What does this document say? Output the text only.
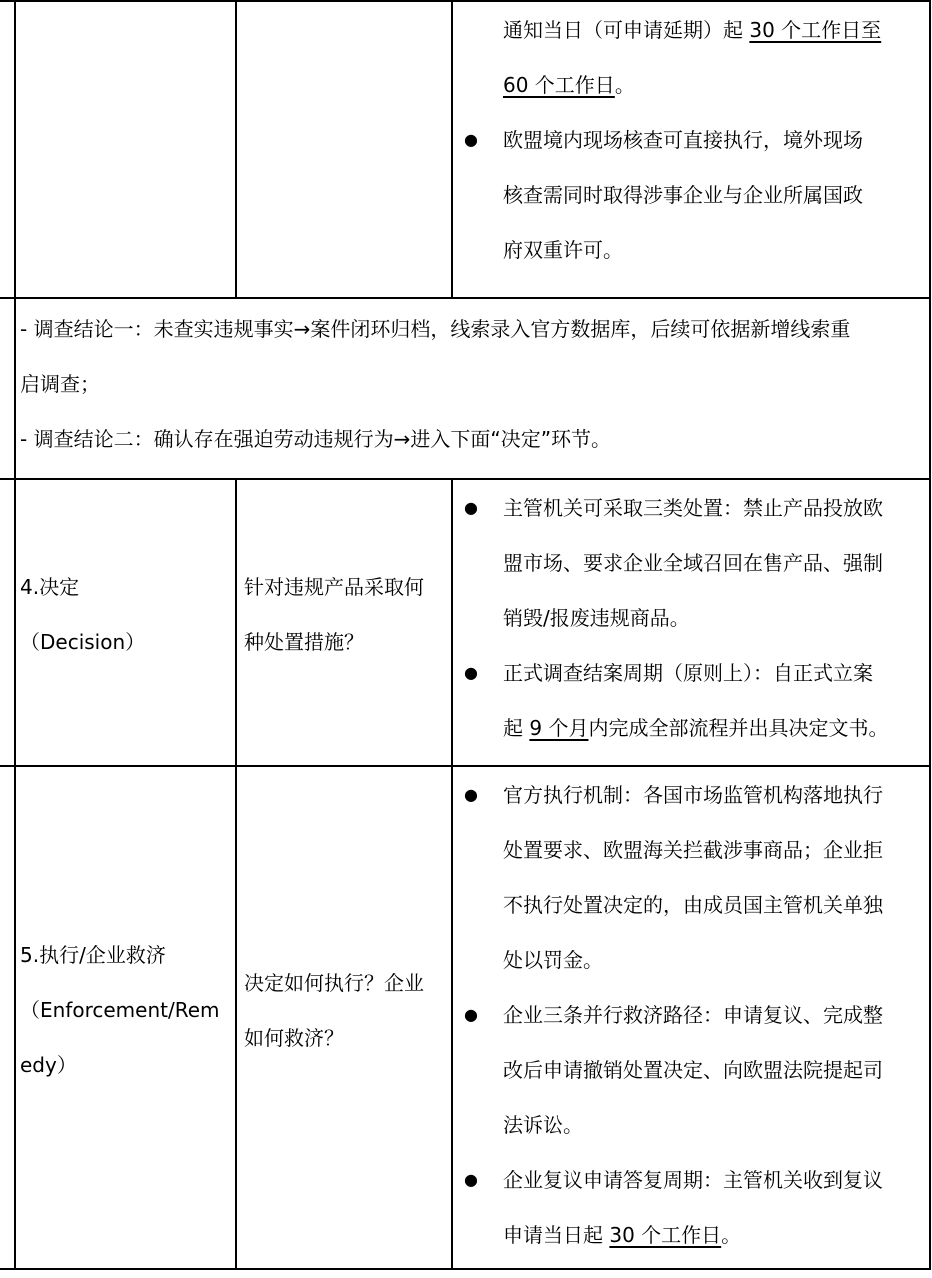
通知当日（可申请延期）起 30 个工作日至
60 个工作日。
● 欧盟境内现场核查可直接执行，境外现场
核查需同时取得涉事企业与企业所属国政
府双重许可。
- 调查结论一：未查实违规事实→案件闭环归档，线索录入官方数据库，后续可依据新增线索重
启调查；
- 调查结论二：确认存在强迫劳动违规行为→进入下面“决定”环节。
4.决定
（Decision）
针对违规产品采取何
种处置措施？
● 主管机关可采取三类处置：禁止产品投放欧
盟市场、要求企业全域召回在售产品、强制
销毁/报废违规商品。
● 正式调查结案周期（原则上）：自正式立案
起 9 个月内完成全部流程并出具决定文书。
5.执行/企业救济
（Enforcement/Rem
edy）
决定如何执行？企业
如何救济？
● 官方执行机制：各国市场监管机构落地执行
处置要求、欧盟海关拦截涉事商品；企业拒
不执行处置决定的，由成员国主管机关单独
处以罚金。
● 企业三条并行救济路径：申请复议、完成整
改后申请撤销处置决定、向欧盟法院提起司
法诉讼。
● 企业复议申请答复周期：主管机关收到复议
申请当日起 30 个工作日。
